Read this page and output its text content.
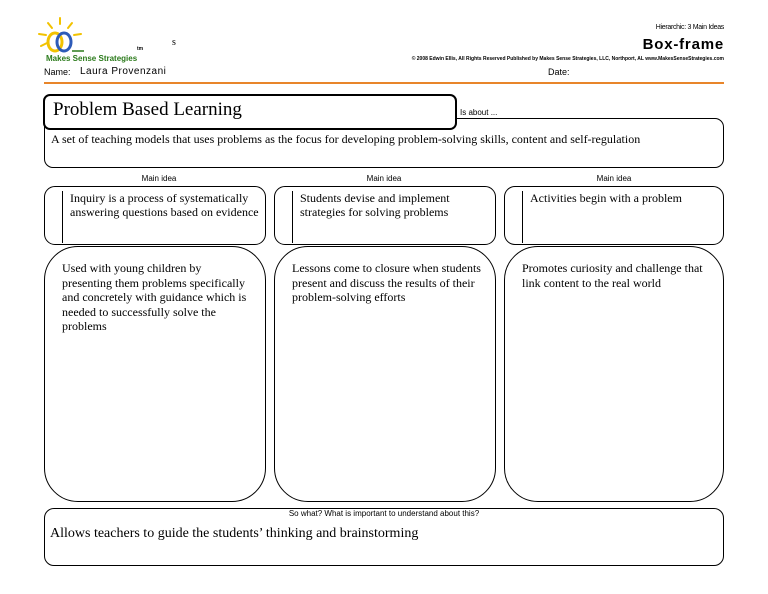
Makes Sense Strategies
tm
s
Hierarchic: 3 Main Ideas
Box-frame
© 2008 Edwin Ellis, All Rights Reserved Published by Makes Sense Strategies, LLC, Northport, AL www.MakesSenseStrategies.com
Name: Laura Provenzani	Date:
Problem Based Learning	Is about ...
A set of teaching models that uses problems as the focus for developing problem-solving skills, content and self-regulation
Main idea	Main idea	Main idea
Inquiry is a process of systematically answering questions based on evidence
Students devise and implement strategies for solving problems
Activities begin with a problem
Used with young children by presenting them problems specifically and concretely with guidance which is needed to successfully solve the problems
Lessons come to closure when students present and discuss the results of their problem-solving efforts
Promotes curiosity and challenge that link content to the real world
So what? What is important to understand about this?
Allows teachers to guide the students’ thinking and brainstorming
